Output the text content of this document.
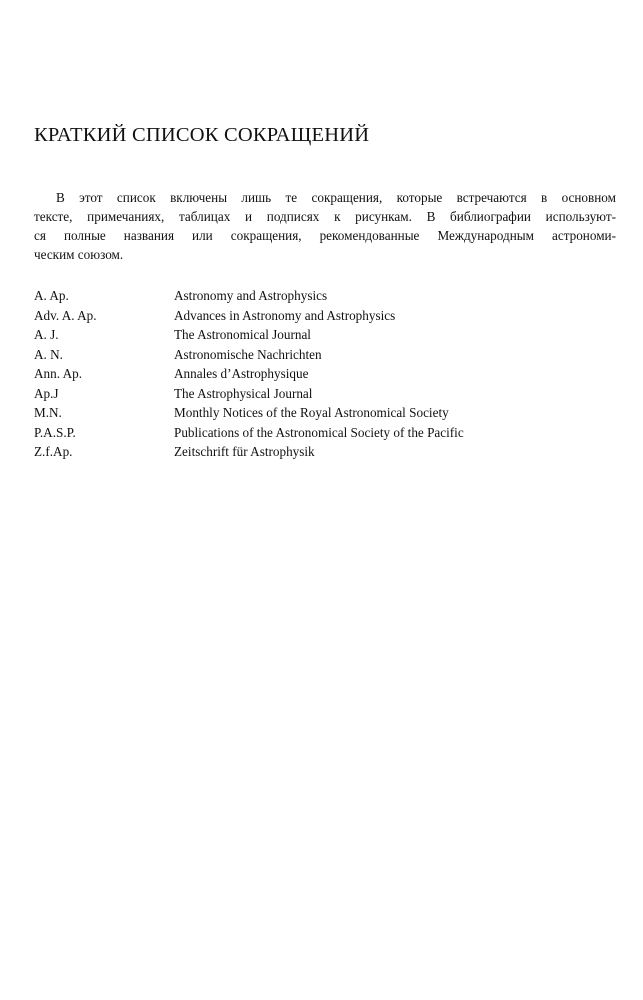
КРАТКИЙ СПИСОК СОКРАЩЕНИЙ
В этот список включены лишь те сокращения, которые встречаются в основном
тексте, примечаниях, таблицах и подписях к рисункам. В библиографии используют-
ся полные названия или сокращения, рекомендованные Международным астрономи-
ческим союзом.
A. Ap.	Astronomy and Astrophysics
Adv. A. Ap.	Advances in Astronomy and Astrophysics
A. J.	The Astronomical Journal
A. N.	Astronomische Nachrichten
Ann. Ap.	Annales d’Astrophysique
Ap.J	The Astrophysical Journal
M.N.	Monthly Notices of the Royal Astronomical Society
P.A.S.P.	Publications of the Astronomical Society of the Pacific
Z.f.Ap.	Zeitschrift für Astrophysik
